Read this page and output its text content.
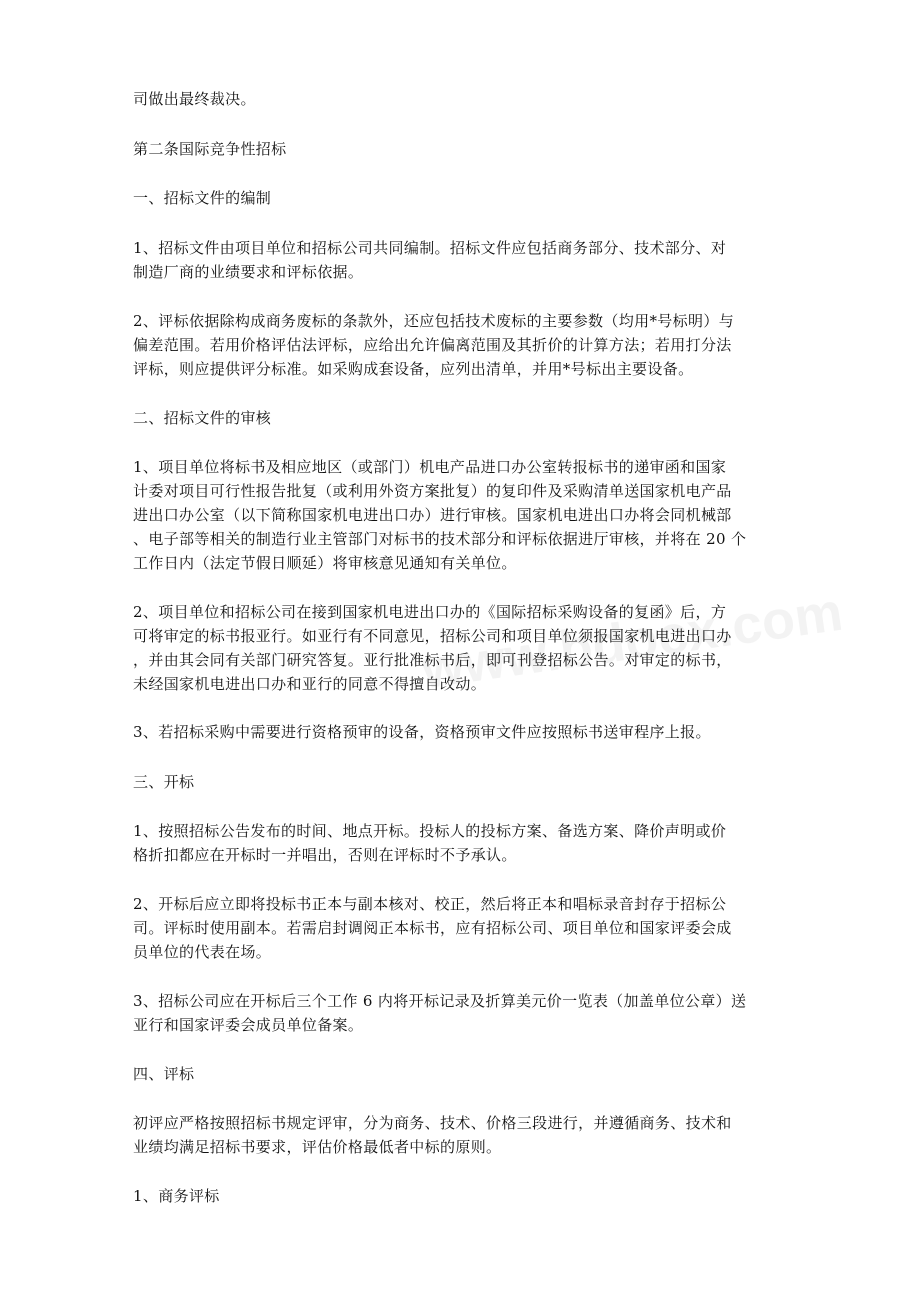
司做出最终裁决。

第二条国际竞争性招标

一、招标文件的编制

1、招标文件由项目单位和招标公司共同编制。招标文件应包括商务部分、技术部分、对

制造厂商的业绩要求和评标依据。

2、评标依据除构成商务废标的条款外，还应包括技术废标的主要参数（均用*号标明）与

偏差范围。若用价格评估法评标，应给出允许偏离范围及其折价的计算方法；若用打分法

评标，则应提供评分标准。如采购成套设备，应列出清单，并用*号标出主要设备。

二、招标文件的审核

1、项目单位将标书及相应地区（或部门）机电产品进口办公室转报标书的递审函和国家

计委对项目可行性报告批复（或利用外资方案批复）的复印件及采购清单送国家机电产品

进出口办公室（以下简称国家机电进出口办）进行审核。国家机电进出口办将会同机械部

、电子部等相关的制造行业主管部门对标书的技术部分和评标依据进厅审核，并将在 20 个

工作日内（法定节假日顺延）将审核意见通知有关单位。

2、项目单位和招标公司在接到国家机电进出口办的《国际招标采购设备的复函》后，方

可将审定的标书报亚行。如亚行有不同意见，招标公司和项目单位须报国家机电进出口办

，并由其会同有关部门研究答复。亚行批准标书后，即可刊登招标公告。对审定的标书，

未经国家机电进出口办和亚行的同意不得擅自改动。

3、若招标采购中需要进行资格预审的设备，资格预审文件应按照标书送审程序上报。

三、开标

1、按照招标公告发布的时间、地点开标。投标人的投标方案、备选方案、降价声明或价

格折扣都应在开标时一并唱出，否则在评标时不予承认。

2、开标后应立即将投标书正本与副本核对、校正，然后将正本和唱标录音封存于招标公

司。评标时使用副本。若需启封调阅正本标书，应有招标公司、项目单位和国家评委会成

员单位的代表在场。

3、招标公司应在开标后三个工作 6 内将开标记录及折算美元价一览表（加盖单位公章）送

亚行和国家评委会成员单位备案。

四、评标

初评应严格按照招标书规定评审，分为商务、技术、价格三段进行，并遵循商务、技术和

业绩均满足招标书要求，评估价格最低者中标的原则。

1、商务评标
